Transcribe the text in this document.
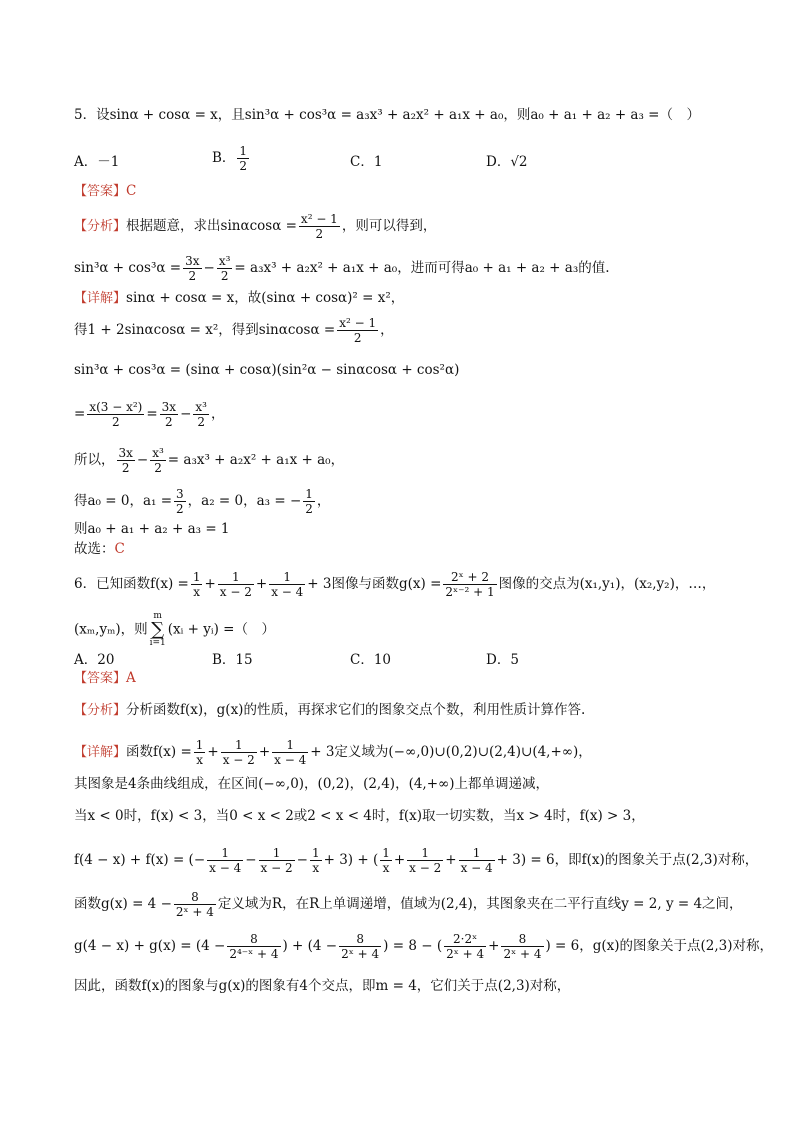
5．设sinα + cosα = x，且sin³α + cos³α = a₃x³ + a₂x² + a₁x + a₀，则a₀ + a₁ + a₂ + a₃ =（　）
A．－1	B． $\frac{1}{2}$	C．1	D．√2
【答案】C
【分析】根据题意，求出$\sin\alpha\cos\alpha = \frac{\text{x² − 1}}{2}$ ，则可以得到，
$\sin^3\alpha + \cos^3\alpha = \frac{3x}{2} - \frac{\text{x³}}{2} = a_3x^3 + a_2x^2 + a_1x + a_0$，进而可得a₀ + a₁ + a₂ + a₃的值.
【详解】sinα + cosα = x，故(sinα + cosα)² = x²，
得1 + 2sinαcosα = x²，得到$\sin\alpha\cos\alpha = \frac{\text{x² − 1}}{2}$ ，
sin³α + cos³α = (sinα + cosα)(sin²α − sinαcosα + cos²α)
= $\frac{\text{x(3 − x²)}}{2} = \frac{3x}{2} - \frac{\text{x³}}{2}$ ，
所以， $\frac{3x}{2} - \frac{\text{x³}}{2} = a_3x^3 + a_2x^2 + a_1x + a_0$，
得a₀ = 0，$a_1 = \frac{3}{2}$ ，a₂ = 0，a₃ = − $\frac{1}{2}$ ，
则a₀ + a₁ + a₂ + a₃ = 1
故选：C
6．已知函数$f(x) = \frac{1}{x} + \frac{1}{x - 2} + \frac{1}{x - 4} + 3$图像与函数$g(x) = \frac{\text{2ˣ + 2}}{\text{2ˣ⁻² + 1}}$ 图像的交点为(x₁,y₁)，(x₂,y₂)，…，
(xₘ,yₘ)，则m
∑
i=1(xᵢ + yᵢ) =（　）
A．20	B．15	C．10	D．5
【答案】A
【分析】分析函数f(x)，g(x)的性质，再探求它们的图象交点个数，利用性质计算作答.
【详解】函数$f(x) = \frac{1}{x} + \frac{1}{x - 2} + \frac{1}{x - 4} + 3$定义域为(−∞,0)∪(0,2)∪(2,4)∪(4,+∞)，
其图象是4条曲线组成，在区间(−∞,0)，(0,2)，(2,4)，(4,+∞)上都单调递减，
当x < 0时，f(x) < 3，当0 < x < 2或2 < x < 4时，f(x)取一切实数，当x > 4时，f(x) > 3，
f(4 − x) + f(x) = (− $\frac{1}{x - 4} - \frac{1}{x - 2} - \frac{1}{x} + 3$) + ( $\frac{1}{x} + \frac{1}{x - 2} + \frac{1}{x - 4} + 3) = 6$，即f(x)的图象关于点(2,3)对称，
函数$g(x) = 4 - \frac{8}{\text{2ˣ + 4}}$ 定义域为R，在R上单调递增，值域为(2,4)，其图象夹在二平行直线y = 2, y = 4之间，
$g(4 - x) + g(x) = (4 - \frac{8}{\text{2⁴⁻ˣ + 4}}$ ) + ($4 - \frac{8}{\text{2ˣ + 4}}$ ) = 8 − ( $\frac{\text{2·2ˣ}}{\text{2ˣ + 4}} + \frac{8}{\text{2ˣ + 4}}$ ) = 6，g(x)的图象关于点(2,3)对称，
因此，函数f(x)的图象与g(x)的图象有4个交点，即m = 4，它们关于点(2,3)对称，
